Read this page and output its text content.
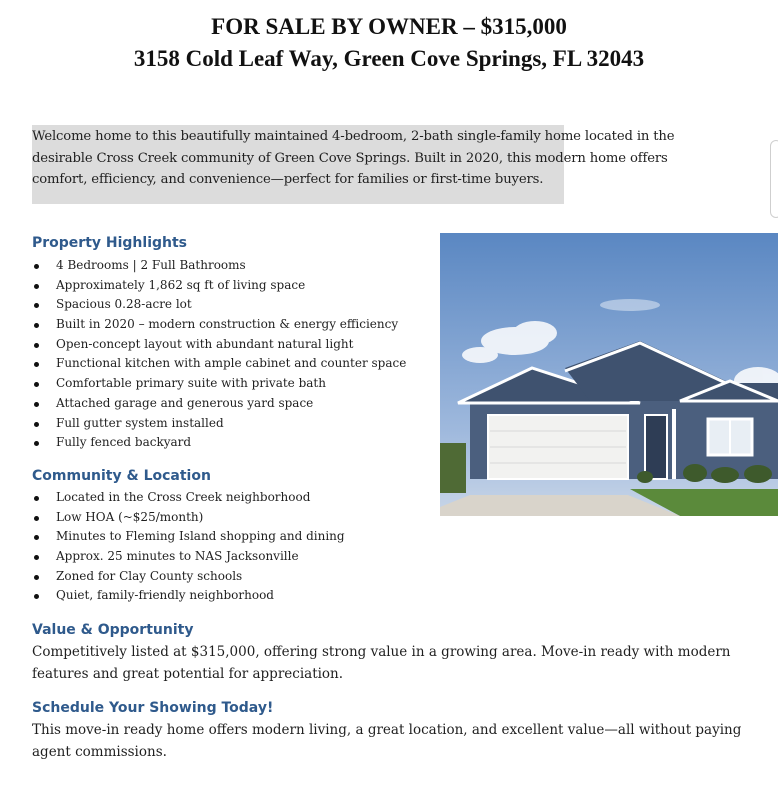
FOR SALE BY OWNER – $315,000
3158 Cold Leaf Way, Green Cove Springs, FL 32043
Welcome home to this beautifully maintained 4-bedroom, 2-bath single-family home located in the
desirable Cross Creek community of Green Cove Springs. Built in 2020, this modern home offers
comfort, efficiency, and convenience—perfect for families or first-time buyers.
Property Highlights
4 Bedrooms | 2 Full Bathrooms
Approximately 1,862 sq ft of living space
Spacious 0.28-acre lot
Built in 2020 – modern construction & energy efficiency
Open-concept layout with abundant natural light
Functional kitchen with ample cabinet and counter space
Comfortable primary suite with private bath
Attached garage and generous yard space
Full gutter system installed
Fully fenced backyard
Community & Location
Located in the Cross Creek neighborhood
Low HOA (~$25/month)
Minutes to Fleming Island shopping and dining
Approx. 25 minutes to NAS Jacksonville
Zoned for Clay County schools
Quiet, family-friendly neighborhood
Value & Opportunity
Competitively listed at $315,000, offering strong value in a growing area. Move-in ready with modern
features and great potential for appreciation.
Schedule Your Showing Today!
This move-in ready home offers modern living, a great location, and excellent value—all without paying
agent commissions.
